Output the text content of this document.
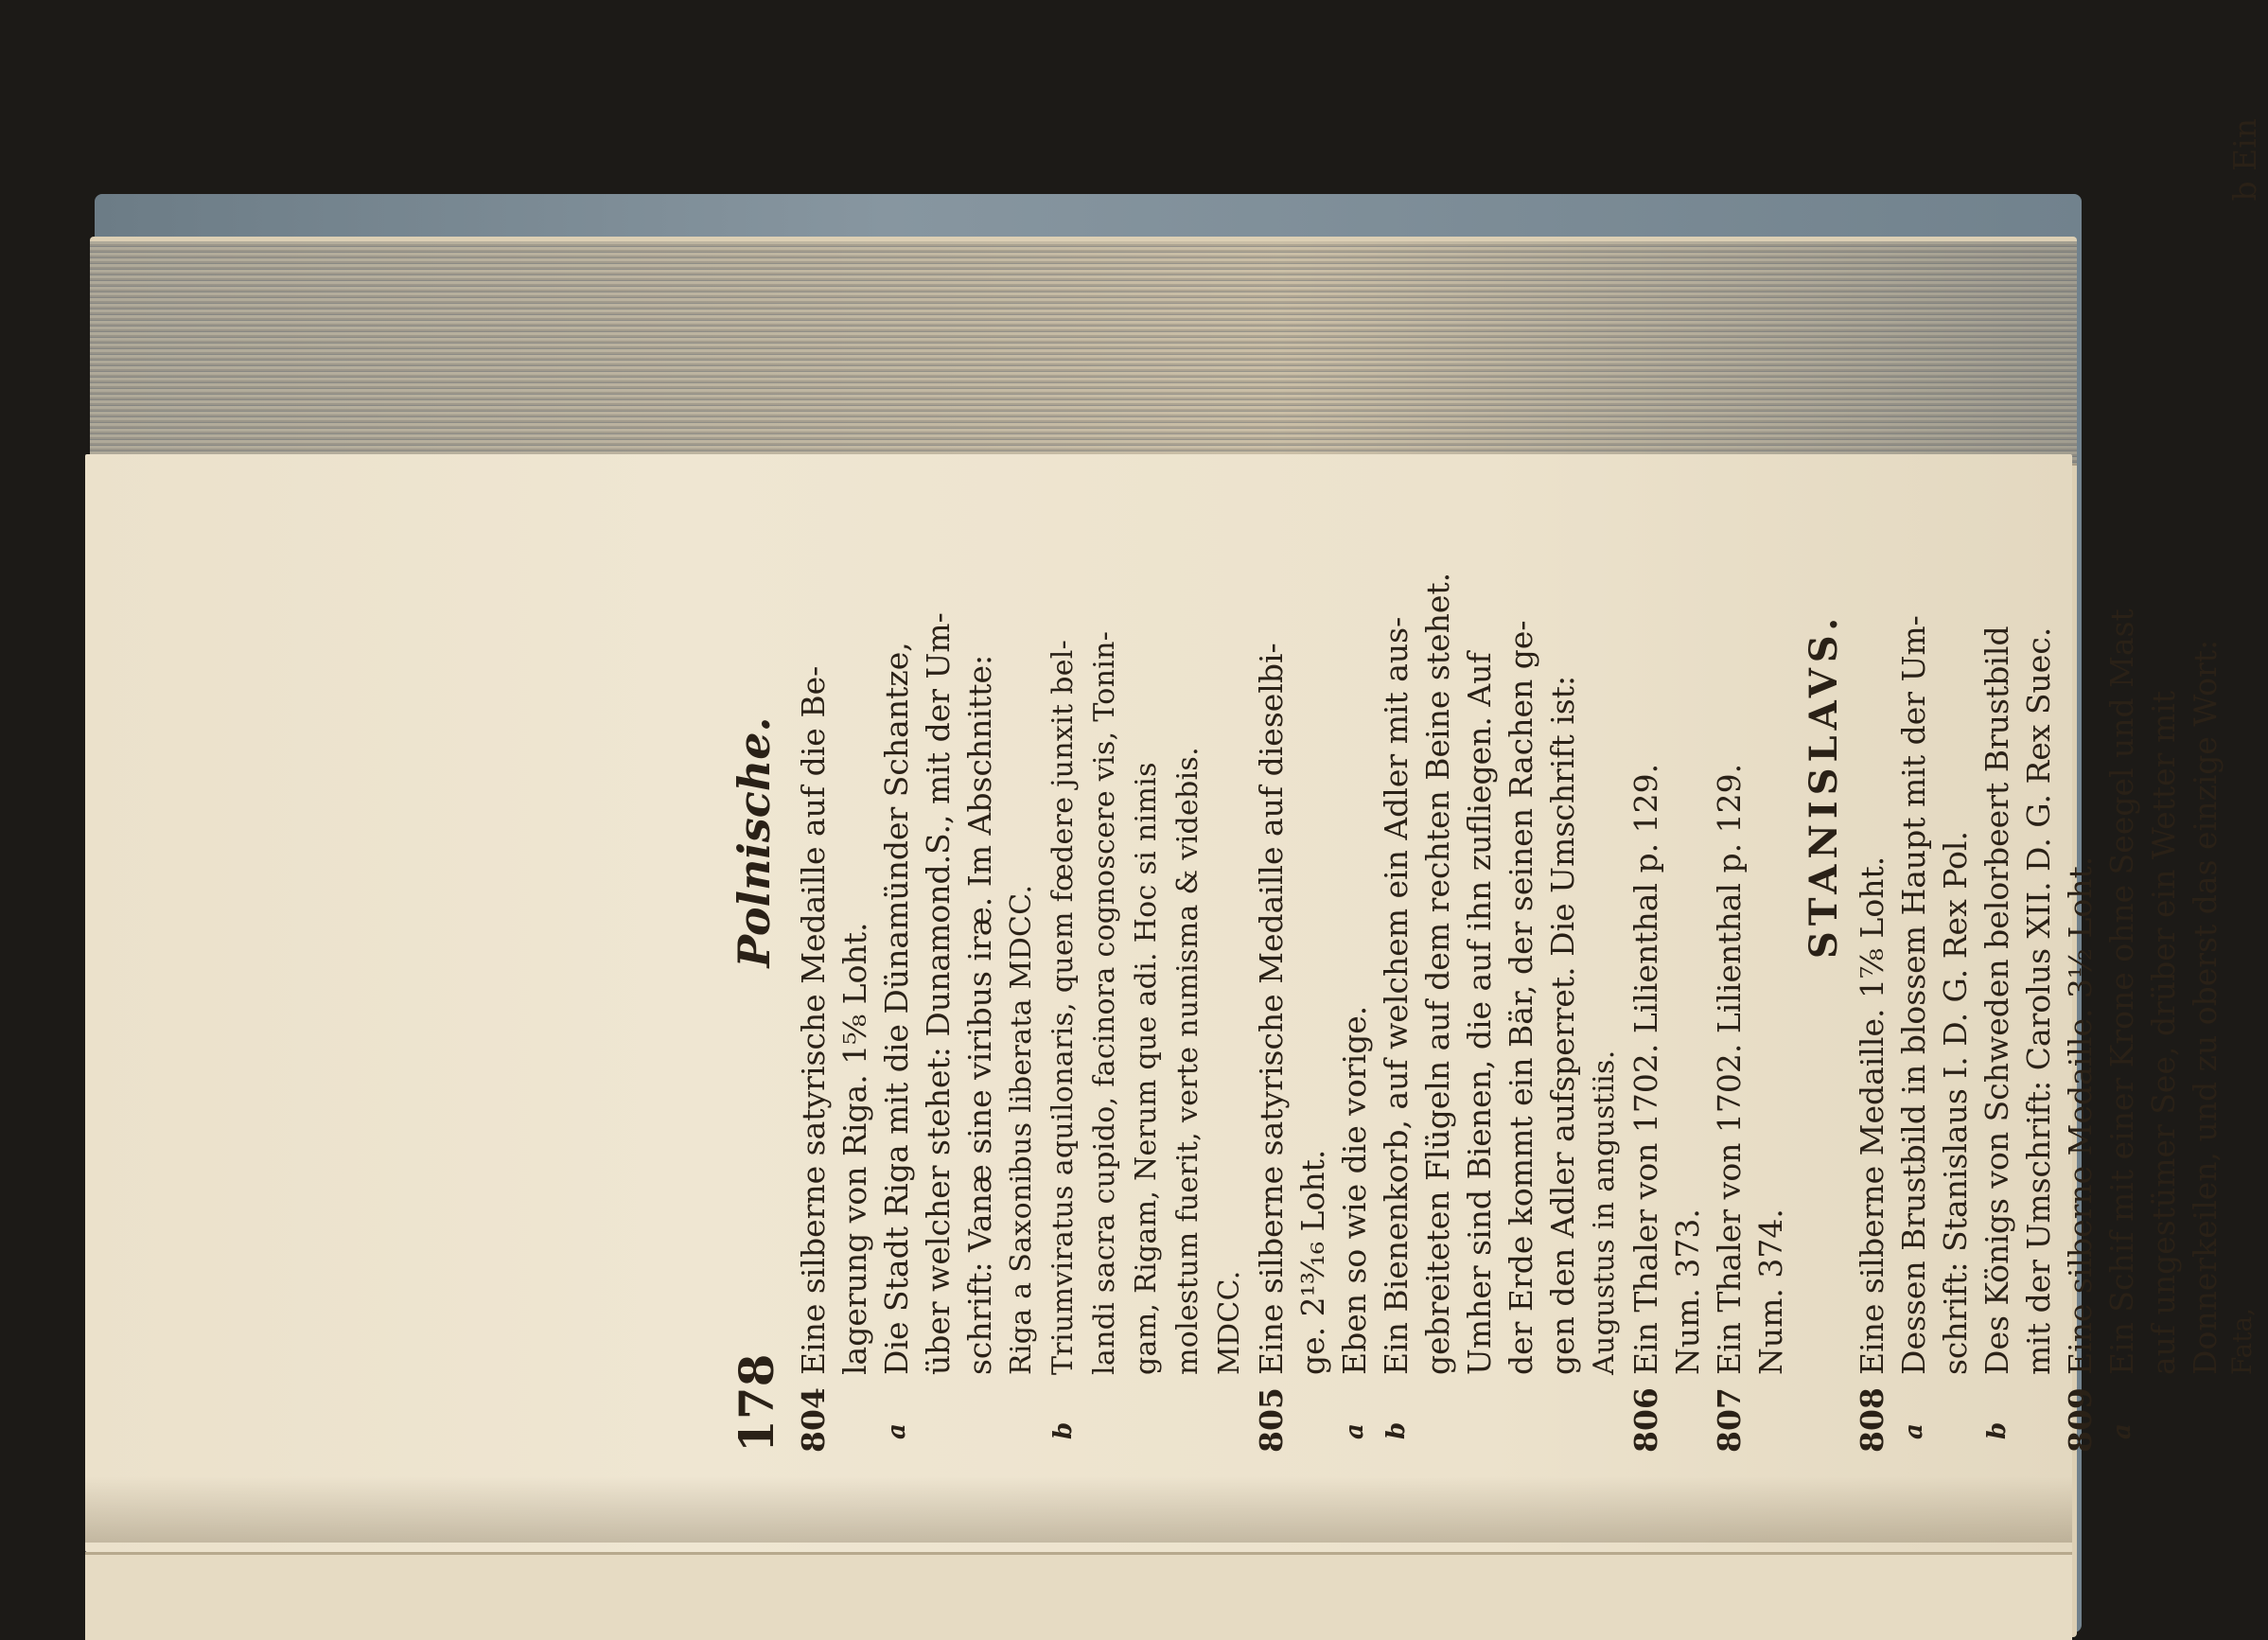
178
Polnische.
804
Eine silberne satyrische Medaille auf die Be- lagerung von Riga. 1⅝ Loht.
a
Die Stadt Riga mit die Dünamünder Schantze, über welcher stehet: Dunamond.S., mit der Um- schrift: Vanæ sine viribus iræ. Im Abschnitte: Riga a Saxonibus liberata MDCC.
b
Triumviratus aquilonaris, quem fœdere junxit bel- landi sacra cupido, facinora cognoscere vis, Tonin- gam, Rigam, Nerum que adi. Hoc si nimis molestum fuerit, verte numisma & videbis. MDCC.
805
Eine silberne satyrische Medaille auf dieselbi- ge. 2¹³⁄₁₆ Loht.
a
Eben so wie die vorige.
b
Ein Bienenkorb, auf welchem ein Adler mit aus- gebreiteten Flügeln auf dem rechten Beine stehet. Umher sind Bienen, die auf ihn zufliegen. Auf der Erde kommt ein Bär, der seinen Rachen ge- gen den Adler aufsperret. Die Umschrift ist: Augustus in angustiis.
806
Ein Thaler von 1702. Lilienthal p. 129. Num. 373.
807
Ein Thaler von 1702. Lilienthal p. 129. Num. 374.
STANISLAVS.
808
Eine silberne Medaille. 1⅞ Loht.
a
Dessen Brustbild in blossem Haupt mit der Um- schrift: Stanislaus I. D. G. Rex Pol.
b
Des Königs von Schweden belorbeert Brustbild mit der Umschrift: Carolus XII. D. G. Rex Suec.
809
Eine silberne Medaille. 3½ Loht.
a
Ein Schif mit einer Krone ohne Seegel und Mast auf ungestümer See, drüber ein Wetter mit Donnerkeilen, und zu oberst das einzige Wort: Fata,
b Ein
